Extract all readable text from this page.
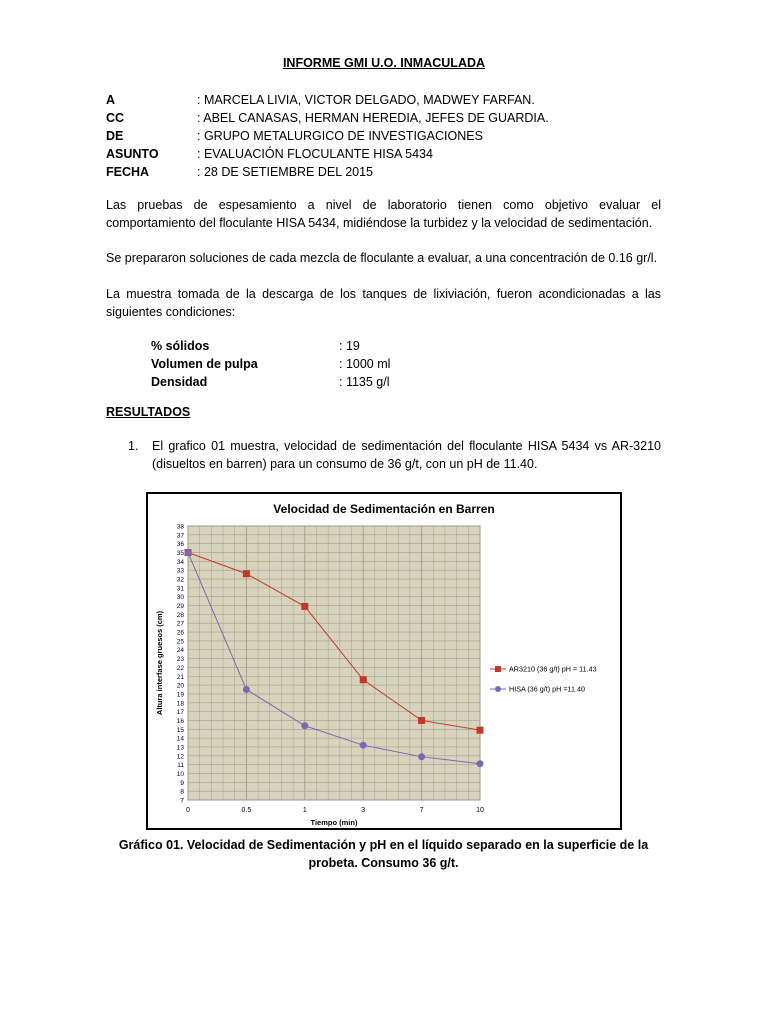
INFORME GMI U.O. INMACULADA
A	: MARCELA LIVIA, VICTOR DELGADO, MADWEY FARFAN.
CC	: ABEL CANASAS, HERMAN HEREDIA, JEFES DE GUARDIA.
DE	: GRUPO METALURGICO DE INVESTIGACIONES
ASUNTO	: EVALUACIÓN FLOCULANTE HISA 5434
FECHA	: 28 DE SETIEMBRE DEL 2015
Las pruebas de espesamiento a nivel de laboratorio tienen como objetivo evaluar el comportamiento del floculante HISA 5434, midiéndose la turbidez y la velocidad de sedimentación.
Se prepararon soluciones de cada mezcla de floculante a evaluar, a una concentración de 0.16 gr/l.
La muestra tomada de la descarga de los tanques de lixiviación, fueron acondicionadas a las siguientes condiciones:
% sólidos	: 19
Volumen de pulpa	: 1000 ml
Densidad	: 1135 g/l
RESULTADOS
1.	El grafico 01 muestra, velocidad de sedimentación del floculante HISA 5434 vs AR-3210 (disueltos en barren) para un consumo de 36 g/t, con un pH de 11.40.
Velocidad de Sedimentación en Barren
7
8
9
10
11
12
13
14
15
16
17
18
19
20
21
22
23
24
25
26
27
28
29
30
31
32
33
34
35
36
37
38
0	0.5	1	3	7	10
Tiempo (min)
Altura interfase gruesos (cm)	AR3210 (36 g/t) pH = 11.43
HISA (36 g/t) pH =11.40
Gráfico 01. Velocidad de Sedimentación y pH en el líquido separado en la superficie de la probeta. Consumo 36 g/t.
